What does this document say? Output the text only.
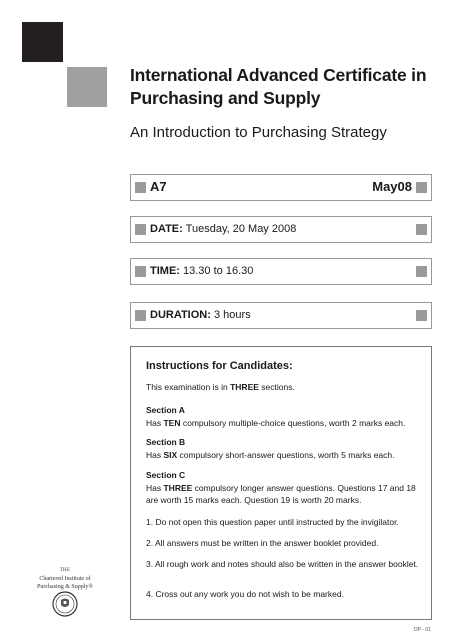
International Advanced Certificate in Purchasing and Supply
An Introduction to Purchasing Strategy
A7	May08
DATE: Tuesday, 20 May 2008
TIME: 13.30 to 16.30
DURATION: 3 hours
Instructions for Candidates:

This examination is in THREE sections.

Section A

Has TEN compulsory multiple-choice questions, worth 2 marks each.

Section B

Has SIX compulsory short-answer questions, worth 5 marks each.

Section C

Has THREE compulsory longer answer questions. Questions 17 and 18 are worth 15 marks each. Question 19 is worth 20 marks.

1. Do not open this question paper until instructed by the invigilator.

2. All answers must be written in the answer booklet provided.

3. All rough work and notes should also be written in the answer booklet.

4. Cross out any work you do not wish to be marked.

THE
Chartered Institute of
Purchasing & Supply®
DP - 01
